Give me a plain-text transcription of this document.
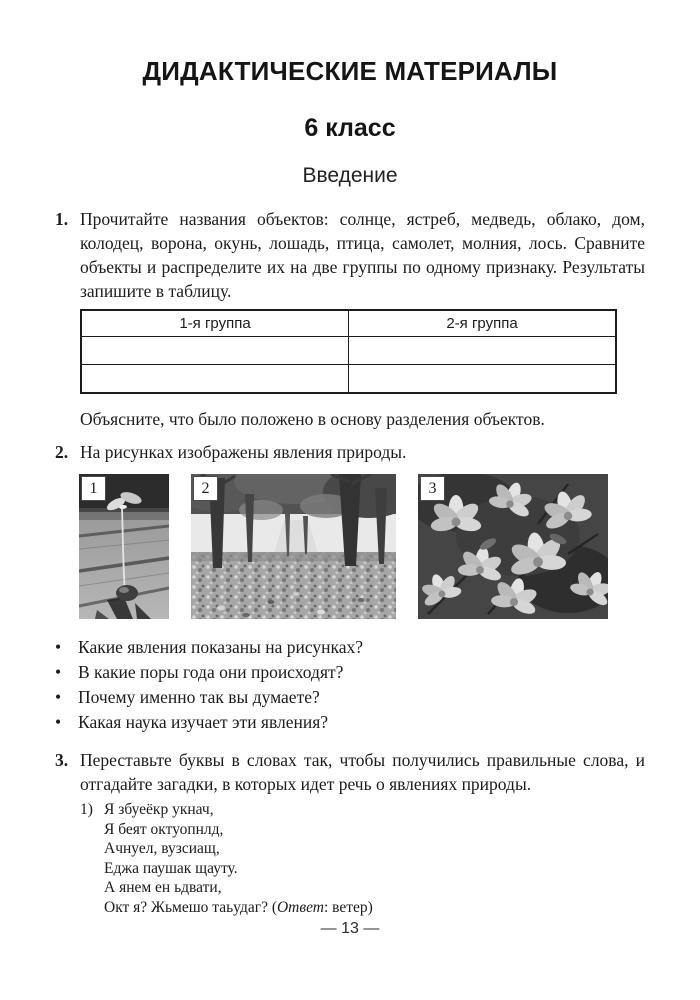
ДИДАКТИЧЕСКИЕ МАТЕРИАЛЫ
6 класс
Введение
1. Прочитайте названия объектов: солнце, ястреб, медведь, облако, дом, колодец, ворона, окунь, лошадь, птица, самолет, молния, лось. Сравните объекты и распределите их на две группы по одному признаку. Результаты запишите в таблицу.
1-я группа	2-я группа

Объясните, что было положено в основу разделения объектов.
2. На рисунках изображены явления природы.
1	2	3
• Какие явления показаны на рисунках?
• В какие поры года они происходят?
• Почему именно так вы думаете?
• Какая наука изучает эти явления?
3. Переставьте буквы в словах так, чтобы получились правильные слова, и отгадайте загадки, в которых идет речь о явлениях природы.
1) Я збуеёкр укнач,
Я беят октуопнлд,
Ачнуел, вузсиащ,
Еджа паушак щауту.
А янем ен ьдвати,
Окт я? Жьмешо таьудаг? (Ответ: ветер)
— 13 —
